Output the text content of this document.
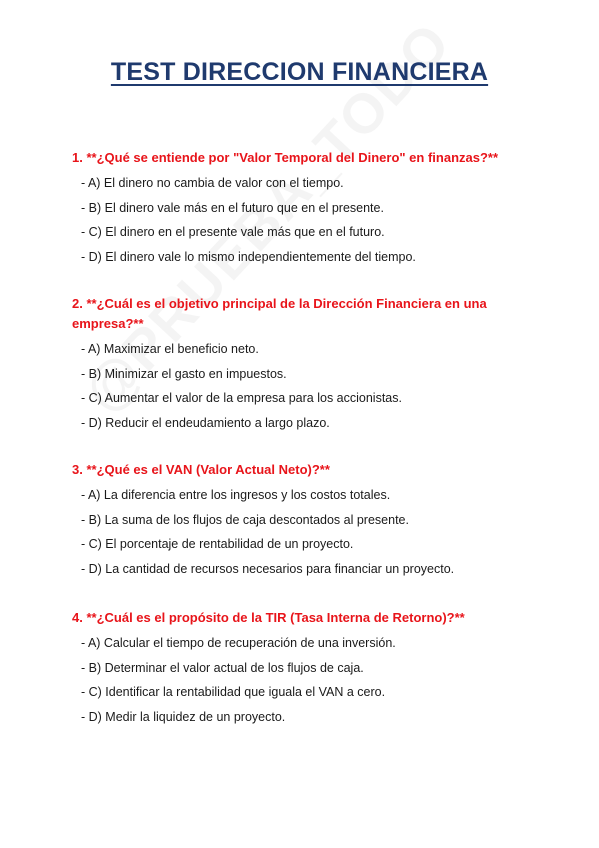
TEST DIRECCION FINANCIERA

1. **¿Qué se entiende por "Valor Temporal del Dinero" en finanzas?**

- A) El dinero no cambia de valor con el tiempo.
- B) El dinero vale más en el futuro que en el presente.
- C) El dinero en el presente vale más que en el futuro.
- D) El dinero vale lo mismo independientemente del tiempo.

2. **¿Cuál es el objetivo principal de la Dirección Financiera en una empresa?**

- A) Maximizar el beneficio neto.
- B) Minimizar el gasto en impuestos.
- C) Aumentar el valor de la empresa para los accionistas.
- D) Reducir el endeudamiento a largo plazo.

3. **¿Qué es el VAN (Valor Actual Neto)?**

- A) La diferencia entre los ingresos y los costos totales.
- B) La suma de los flujos de caja descontados al presente.
- C) El porcentaje de rentabilidad de un proyecto.
- D) La cantidad de recursos necesarios para financiar un proyecto.

4. **¿Cuál es el propósito de la TIR (Tasa Interna de Retorno)?**

- A) Calcular el tiempo de recuperación de una inversión.
- B) Determinar el valor actual de los flujos de caja.
- C) Identificar la rentabilidad que iguala el VAN a cero.
- D) Medir la liquidez de un proyecto.
